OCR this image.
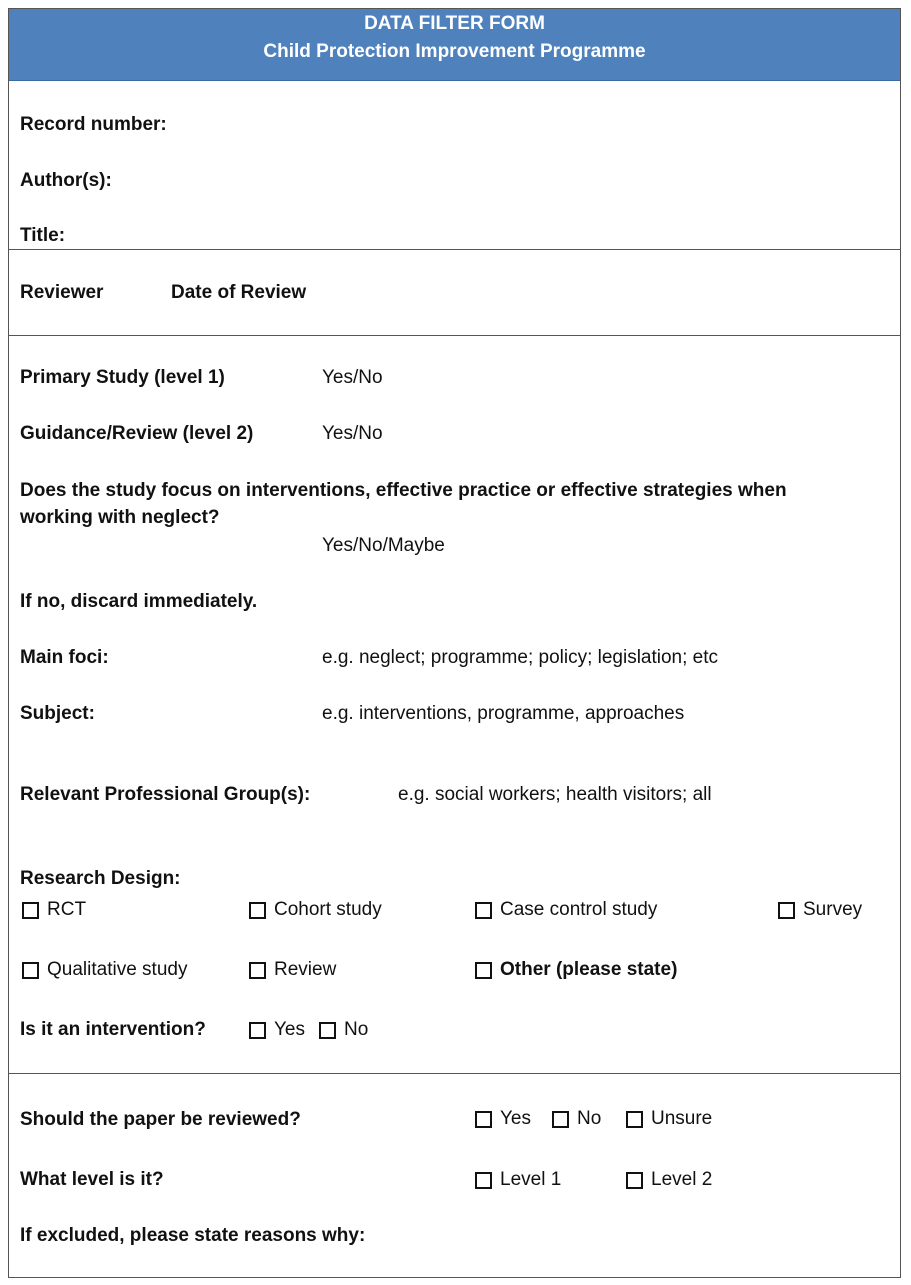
DATA FILTER FORM
Child Protection Improvement Programme
Record number:
Author(s):
Title:
Reviewer	Date of Review
Primary Study (level 1)	Yes/No
Guidance/Review (level 2)	Yes/No
Does the study focus on interventions, effective practice or effective strategies when
working with neglect?
Yes/No/Maybe
If no, discard immediately.
Main foci:	e.g. neglect; programme; policy; legislation; etc
Subject:	e.g. interventions, programme, approaches
Relevant Professional Group(s):	e.g. social workers; health visitors; all
Research Design:
RCT	Cohort study	Case control study	Survey
Qualitative study	Review	Other (please state)
Is it an intervention?	Yes No
Should the paper be reviewed?	Yes No	Unsure
What level is it?	Level 1	Level 2
If excluded, please state reasons why:
